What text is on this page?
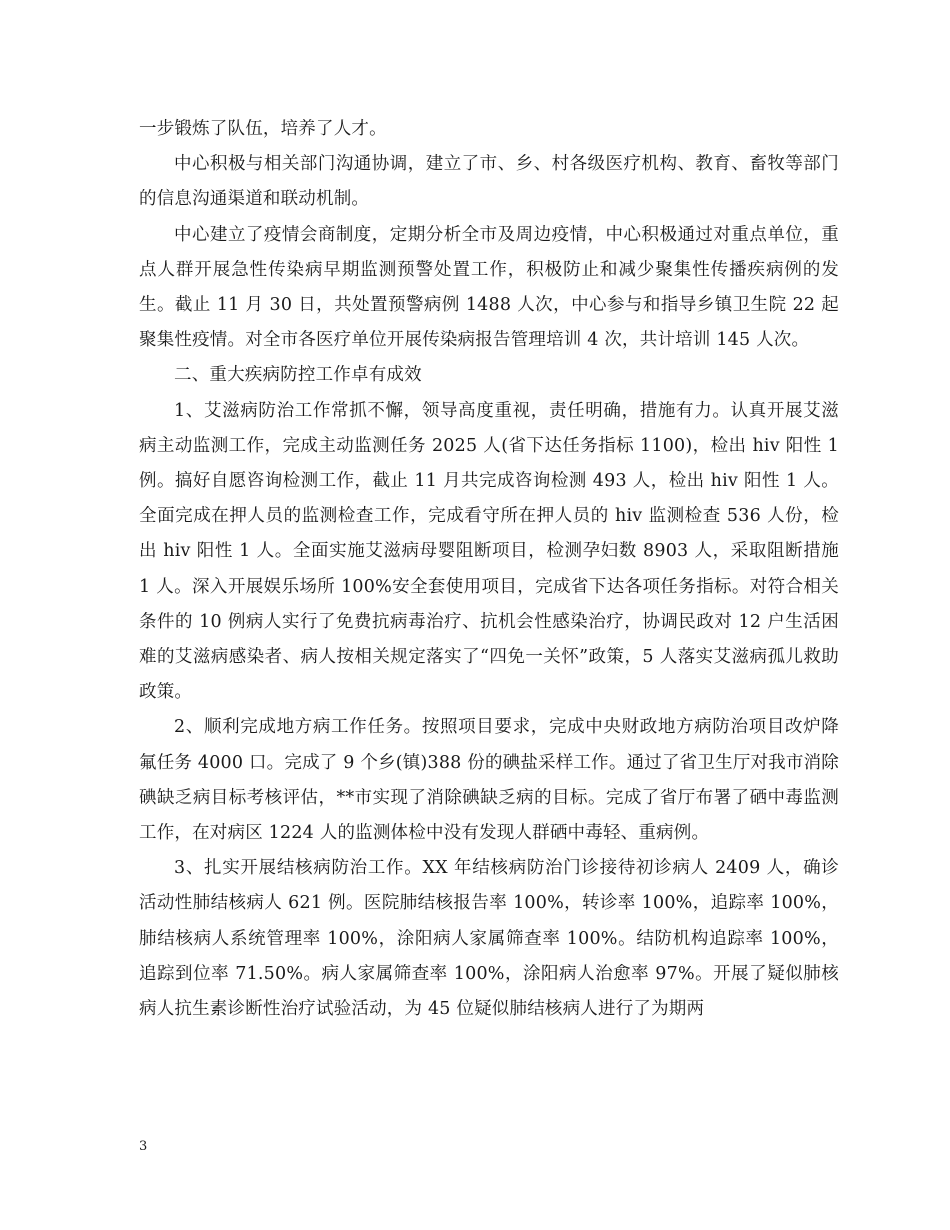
一步锻炼了队伍，培养了人才。

中心积极与相关部门沟通协调，建立了市、乡、村各级医疗机构、教育、畜牧等部门的信息沟通渠道和联动机制。

中心建立了疫情会商制度，定期分析全市及周边疫情，中心积极通过对重点单位，重点人群开展急性传染病早期监测预警处置工作，积极防止和减少聚集性传播疾病例的发生。截止 11 月 30 日，共处置预警病例 1488 人次，中心参与和指导乡镇卫生院 22 起聚集性疫情。对全市各医疗单位开展传染病报告管理培训 4 次，共计培训 145 人次。

二、重大疾病防控工作卓有成效

1、艾滋病防治工作常抓不懈，领导高度重视，责任明确，措施有力。认真开展艾滋病主动监测工作，完成主动监测任务 2025 人(省下达任务指标 1100)，检出 hiv 阳性 1 例。搞好自愿咨询检测工作，截止 11 月共完成咨询检测 493 人，检出 hiv 阳性 1 人。全面完成在押人员的监测检查工作，完成看守所在押人员的 hiv 监测检查 536 人份，检出 hiv 阳性 1 人。全面实施艾滋病母婴阻断项目，检测孕妇数 8903 人，采取阻断措施 1 人。深入开展娱乐场所 100%安全套使用项目，完成省下达各项任务指标。对符合相关条件的 10 例病人实行了免费抗病毒治疗、抗机会性感染治疗，协调民政对 12 户生活困难的艾滋病感染者、病人按相关规定落实了“四免一关怀”政策，5 人落实艾滋病孤儿救助政策。

2、顺利完成地方病工作任务。按照项目要求，完成中央财政地方病防治项目改炉降氟任务 4000 口。完成了 9 个乡(镇)388 份的碘盐采样工作。通过了省卫生厅对我市消除碘缺乏病目标考核评估，**市实现了消除碘缺乏病的目标。完成了省厅布署了硒中毒监测工作，在对病区 1224 人的监测体检中没有发现人群硒中毒轻、重病例。

3、扎实开展结核病防治工作。XX 年结核病防治门诊接待初诊病人 2409 人，确诊活动性肺结核病人 621 例。医院肺结核报告率 100%，转诊率 100%，追踪率 100%，肺结核病人系统管理率 100%，涂阳病人家属筛查率 100%。结防机构追踪率 100%，追踪到位率 71.50%。病人家属筛查率 100%，涂阳病人治愈率 97%。开展了疑似肺核病人抗生素诊断性治疗试验活动，为 45 位疑似肺结核病人进行了为期两

3
